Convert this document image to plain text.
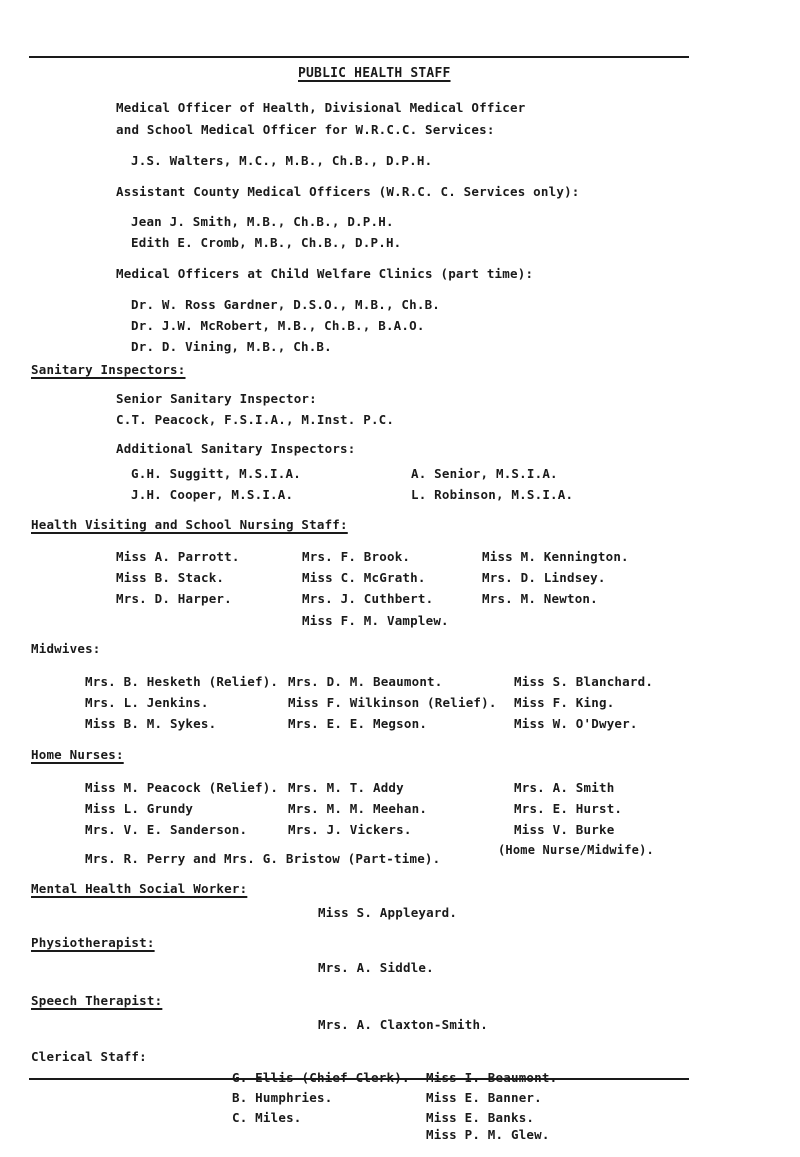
PUBLIC HEALTH STAFF
Medical Officer of Health, Divisional Medical Officer
and School Medical Officer for W.R.C.C. Services:
J.S. Walters, M.C., M.B., Ch.B., D.P.H.
Assistant County Medical Officers (W.R.C. C. Services only):
Jean J. Smith, M.B., Ch.B., D.P.H.
Edith E. Cromb, M.B., Ch.B., D.P.H.
Medical Officers at Child Welfare Clinics (part time):
Dr. W. Ross Gardner, D.S.O., M.B., Ch.B.
Dr. J.W. McRobert, M.B., Ch.B., B.A.O.
Dr. D. Vining, M.B., Ch.B.
Sanitary Inspectors:
Senior Sanitary Inspector:
C.T. Peacock, F.S.I.A., M.Inst. P.C.
Additional Sanitary Inspectors:
G.H. Suggitt, M.S.I.A.	A. Senior, M.S.I.A.
J.H. Cooper, M.S.I.A.	L. Robinson, M.S.I.A.
Health Visiting and School Nursing Staff:
Miss A. Parrott.
Miss B. Stack.
Mrs. D. Harper.
Mrs. F. Brook.
Miss C. McGrath.
Mrs. J. Cuthbert.
Miss F. M. Vamplew.
Miss M. Kennington.
Mrs. D. Lindsey.
Mrs. M. Newton.
Midwives:
Mrs. B. Hesketh (Relief).
Mrs. L. Jenkins.
Miss B. M. Sykes.
Mrs. D. M. Beaumont.
Miss F. Wilkinson (Relief).
Mrs. E. E. Megson.
Miss S. Blanchard.
Miss F. King.
Miss W. O'Dwyer.
Home Nurses:
Miss M. Peacock (Relief).
Miss L. Grundy
Mrs. V. E. Sanderson.
Mrs. M. T. Addy
Mrs. M. M. Meehan.
Mrs. J. Vickers.
Mrs. A. Smith
Mrs. E. Hurst.
Miss V. Burke
(Home Nurse/Midwife).
Mrs. R. Perry and Mrs. G. Bristow (Part-time).
Mental Health Social Worker:
Miss S. Appleyard.
Physiotherapist:
Mrs. A. Siddle.
Speech Therapist:
Mrs. A. Claxton-Smith.
Clerical Staff:
G. Ellis (Chief Clerk).
B. Humphries.
C. Miles.
Miss I. Beaumont.
Miss E. Banner.
Miss E. Banks.
Miss P. M. Glew.
